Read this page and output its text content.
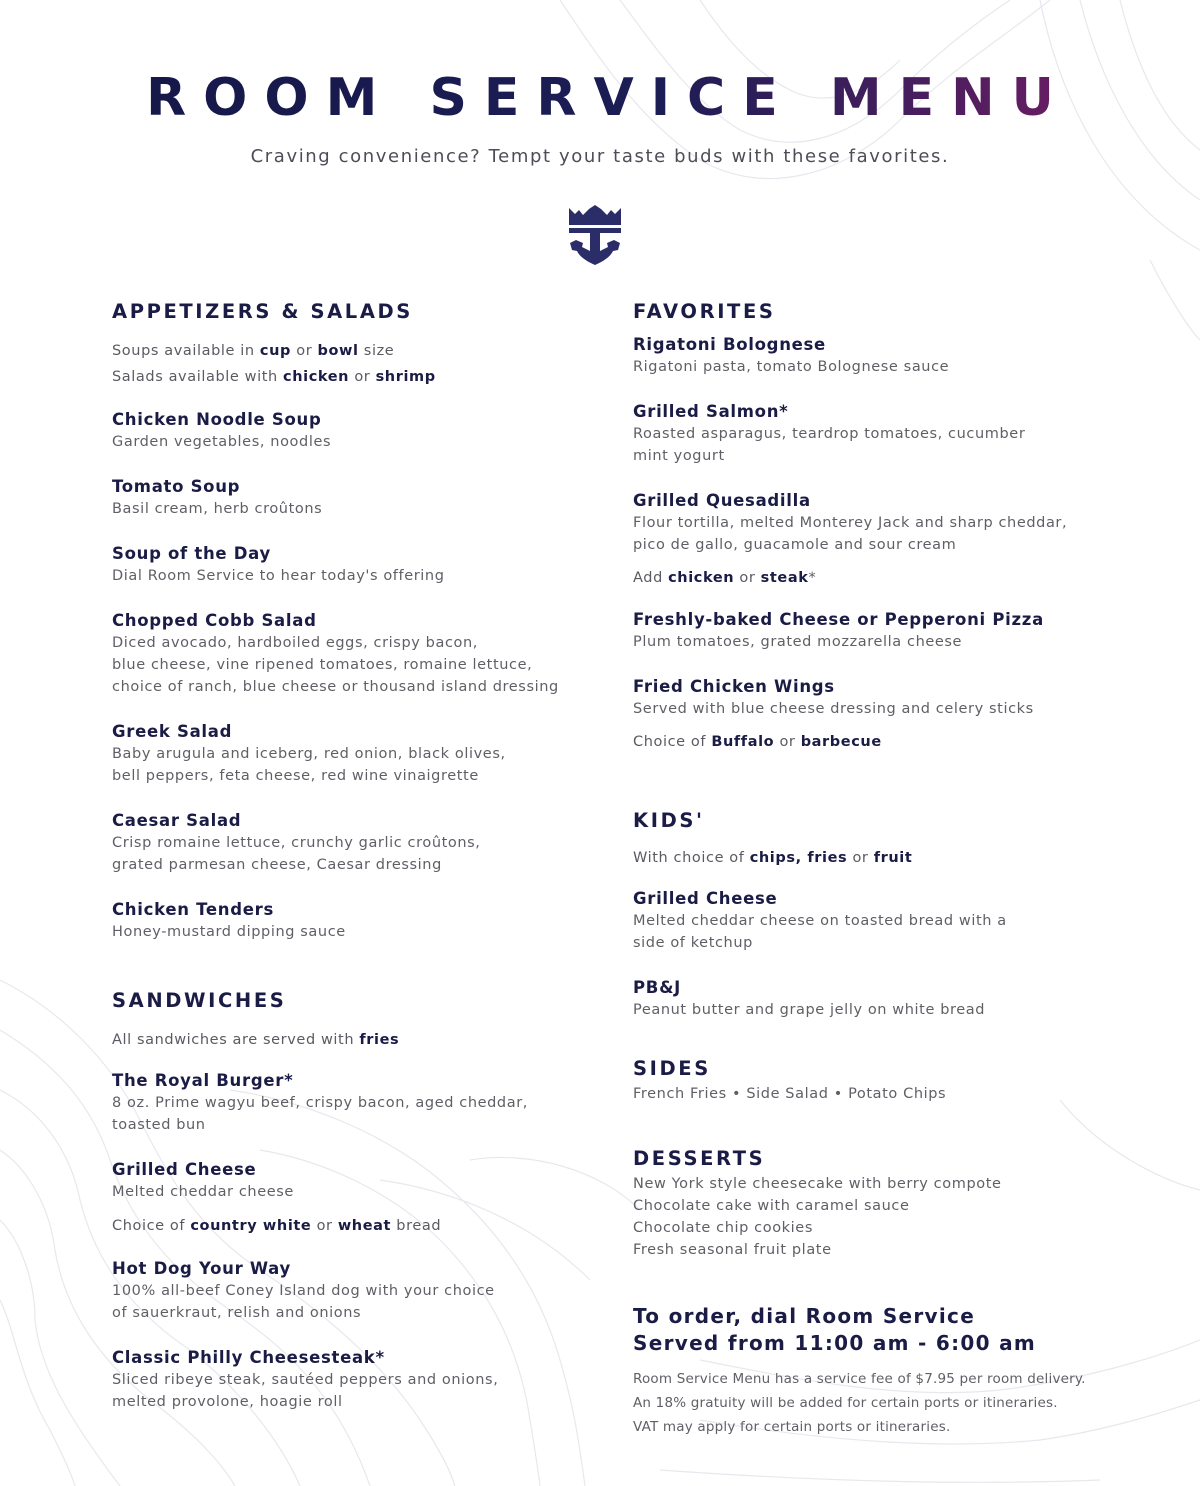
ROOM SERVICE MENU
Craving convenience? Tempt your taste buds with these favorites.
APPETIZERS & SALADS
Soups available in cup or bowl size
Salads available with chicken or shrimp
Chicken Noodle Soup
Garden vegetables, noodles
Tomato Soup
Basil cream, herb croûtons
Soup of the Day
Dial Room Service to hear today's offering
Chopped Cobb Salad
Diced avocado, hardboiled eggs, crispy bacon,
blue cheese, vine ripened tomatoes, romaine lettuce,
choice of ranch, blue cheese or thousand island dressing
Greek Salad
Baby arugula and iceberg, red onion, black olives,
bell peppers, feta cheese, red wine vinaigrette
Caesar Salad
Crisp romaine lettuce, crunchy garlic croûtons,
grated parmesan cheese, Caesar dressing
Chicken Tenders
Honey-mustard dipping sauce
SANDWICHES
All sandwiches are served with fries
The Royal Burger*
8 oz. Prime wagyu beef, crispy bacon, aged cheddar,
toasted bun
Grilled Cheese
Melted cheddar cheese
Choice of country white or wheat bread
Hot Dog Your Way
100% all-beef Coney Island dog with your choice
of sauerkraut, relish and onions
Classic Philly Cheesesteak*
Sliced ribeye steak, sautéed peppers and onions,
melted provolone, hoagie roll
FAVORITES
Rigatoni Bolognese
Rigatoni pasta, tomato Bolognese sauce
Grilled Salmon*
Roasted asparagus, teardrop tomatoes, cucumber
mint yogurt
Grilled Quesadilla
Flour tortilla, melted Monterey Jack and sharp cheddar,
pico de gallo, guacamole and sour cream
Add chicken or steak*
Freshly-baked Cheese or Pepperoni Pizza
Plum tomatoes, grated mozzarella cheese
Fried Chicken Wings
Served with blue cheese dressing and celery sticks
Choice of Buffalo or barbecue
KIDS'
With choice of chips, fries or fruit
Grilled Cheese
Melted cheddar cheese on toasted bread with a
side of ketchup
PB&J
Peanut butter and grape jelly on white bread
SIDES
French Fries • Side Salad • Potato Chips
DESSERTS
New York style cheesecake with berry compote
Chocolate cake with caramel sauce
Chocolate chip cookies
Fresh seasonal fruit plate
To order, dial Room Service
Served from 11:00 am - 6:00 am
Room Service Menu has a service fee of $7.95 per room delivery.
An 18% gratuity will be added for certain ports or itineraries.
VAT may apply for certain ports or itineraries.
